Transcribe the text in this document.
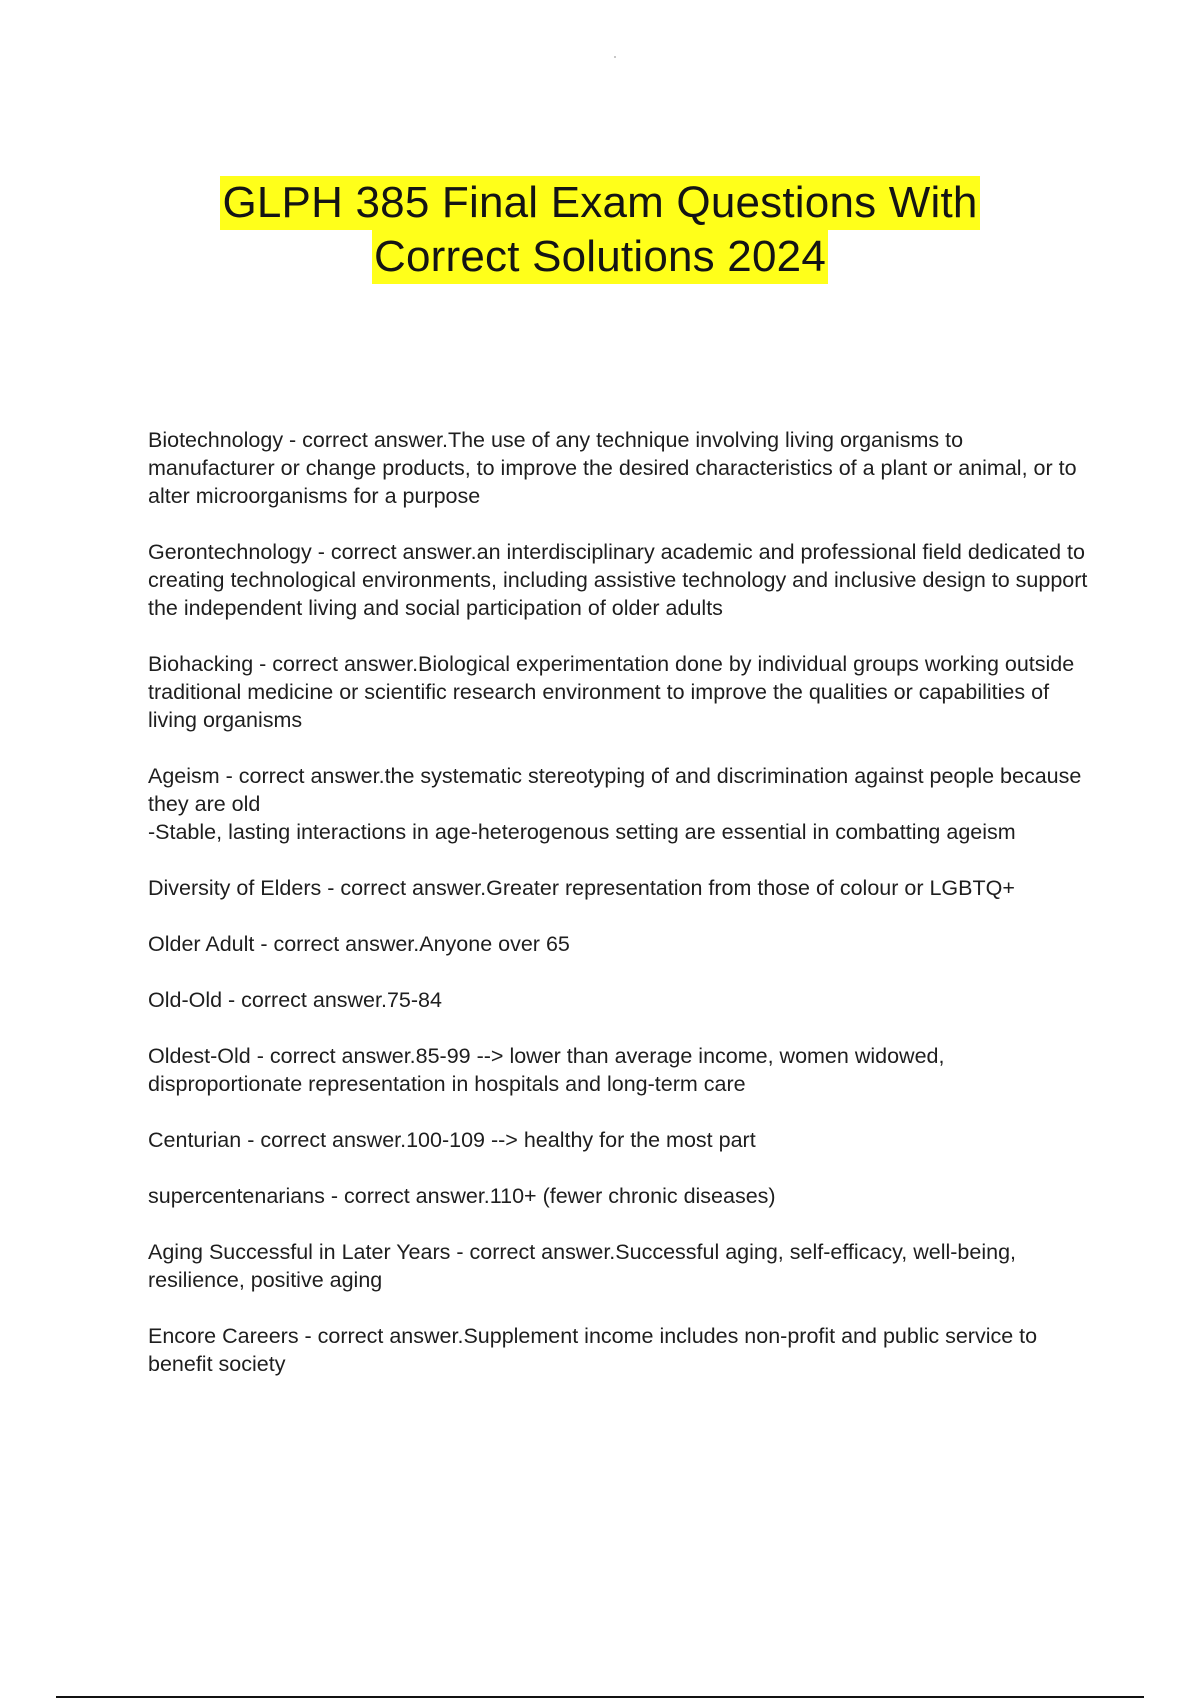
GLPH 385 Final Exam Questions With
Correct Solutions 2024

Biotechnology - correct answer.The use of any technique involving living organisms to manufacturer or change products, to improve the desired characteristics of a plant or animal, or to alter microorganisms for a purpose

Gerontechnology - correct answer.an interdisciplinary academic and professional field dedicated to creating technological environments, including assistive technology and inclusive design to support the independent living and social participation of older adults

Biohacking - correct answer.Biological experimentation done by individual groups working outside traditional medicine or scientific research environment to improve the qualities or capabilities of living organisms

Ageism - correct answer.the systematic stereotyping of and discrimination against people because they are old
-Stable, lasting interactions in age-heterogenous setting are essential in combatting ageism

Diversity of Elders - correct answer.Greater representation from those of colour or LGBTQ+

Older Adult - correct answer.Anyone over 65

Old-Old - correct answer.75-84

Oldest-Old - correct answer.85-99 --> lower than average income, women widowed, disproportionate representation in hospitals and long-term care

Centurian - correct answer.100-109 --> healthy for the most part

supercentenarians - correct answer.110+ (fewer chronic diseases)

Aging Successful in Later Years - correct answer.Successful aging, self-efficacy, well-being, resilience, positive aging

Encore Careers - correct answer.Supplement income includes non-profit and public service to benefit society
